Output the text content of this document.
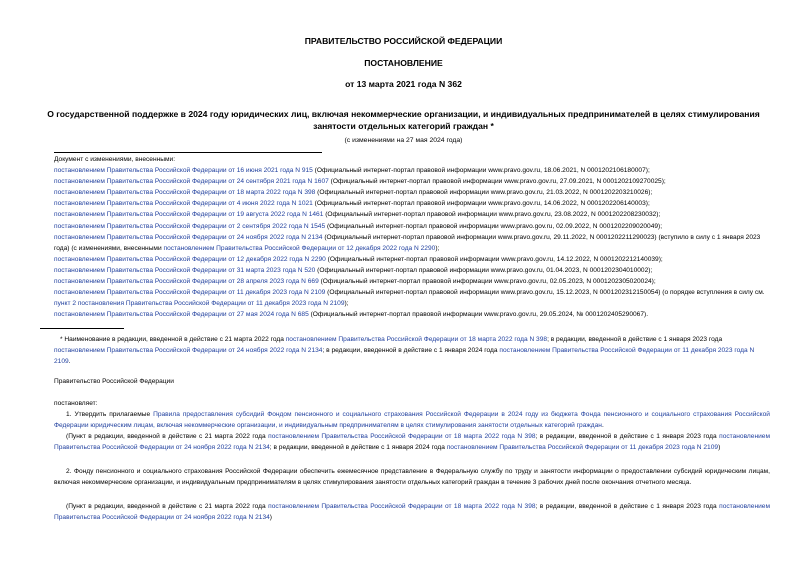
ПРАВИТЕЛЬСТВО РОССИЙСКОЙ ФЕДЕРАЦИИ
ПОСТАНОВЛЕНИЕ
от 13 марта 2021 года N 362
О государственной поддержке в 2024 году юридических лиц, включая некоммерческие организации, и индивидуальных предпринимателей в целях стимулирования занятости отдельных категорий граждан *
(с изменениями на 27 мая 2024 года)

Документ с изменениями, внесенными:

постановлением Правительства Российской Федерации от 16 июня 2021 года N 915 (Официальный интернет-портал правовой информации www.pravo.gov.ru, 18.06.2021, N 0001202106180007);

постановлением Правительства Российской Федерации от 24 сентября 2021 года N 1607 (Официальный интернет-портал правовой информации www.pravo.gov.ru, 27.09.2021, N 0001202109270025);

постановлением Правительства Российской Федерации от 18 марта 2022 года N 398 (Официальный интернет-портал правовой информации www.pravo.gov.ru, 21.03.2022, N 0001202203210026);

постановлением Правительства Российской Федерации от 4 июня 2022 года N 1021 (Официальный интернет-портал правовой информации www.pravo.gov.ru, 14.06.2022, N 0001202206140003);

постановлением Правительства Российской Федерации от 19 августа 2022 года N 1461 (Официальный интернет-портал правовой информации www.pravo.gov.ru, 23.08.2022, N 0001202208230032);

постановлением Правительства Российской Федерации от 2 сентября 2022 года N 1545 (Официальный интернет-портал правовой информации www.pravo.gov.ru, 02.09.2022, N 0001202209020049);

постановлением Правительства Российской Федерации от 24 ноября 2022 года N 2134 (Официальный интернет-портал правовой информации www.pravo.gov.ru, 29.11.2022, N 0001202211290023) (вступило в силу с 1 января 2023 года) (с изменениями, внесенными постановлением Правительства Российской Федерации от 12 декабря 2022 года N 2290);

постановлением Правительства Российской Федерации от 12 декабря 2022 года N 2290 (Официальный интернет-портал правовой информации www.pravo.gov.ru, 14.12.2022, N 0001202212140039);

постановлением Правительства Российской Федерации от 31 марта 2023 года N 520 (Официальный интернет-портал правовой информации www.pravo.gov.ru, 01.04.2023, N 0001202304010002);

постановлением Правительства Российской Федерации от 28 апреля 2023 года N 669 (Официальный интернет-портал правовой информации www.pravo.gov.ru, 02.05.2023, N 0001202305020024);

постановлением Правительства Российской Федерации от 11 декабря 2023 года N 2109 (Официальный интернет-портал правовой информации www.pravo.gov.ru, 15.12.2023, N 0001202312150054) (о порядке вступления в силу см. пункт 2 постановления Правительства Российской Федерации от 11 декабря 2023 года N 2109);

постановлением Правительства Российской Федерации от 27 мая 2024 года N 685 (Официальный интернет-портал правовой информации www.pravo.gov.ru, 29.05.2024, № 0001202405290067).

* Наименование в редакции, введенной в действие с 21 марта 2022 года постановлением Правительства Российской Федерации от 18 марта 2022 года N 398; в редакции, введенной в действие с 1 января 2023 года постановлением Правительства Российской Федерации от 24 ноября 2022 года N 2134; в редакции, введенной в действие с 1 января 2024 года постановлением Правительства Российской Федерации от 11 декабря 2023 года N 2109.

Правительство Российской Федерации
постановляет:

1. Утвердить прилагаемые Правила предоставления субсидий Фондом пенсионного и социального страхования Российской Федерации в 2024 году из бюджета Фонда пенсионного и социального страхования Российской Федерации юридическим лицам, включая некоммерческие организации, и индивидуальным предпринимателям в целях стимулирования занятости отдельных категорий граждан.

(Пункт в редакции, введенной в действие с 21 марта 2022 года постановлением Правительства Российской Федерации от 18 марта 2022 года N 398; в редакции, введенной в действие с 1 января 2023 года постановлением Правительства Российской Федерации от 24 ноября 2022 года N 2134; в редакции, введенной в действие с 1 января 2024 года постановлением Правительства Российской Федерации от 11 декабря 2023 года N 2109)

2. Фонду пенсионного и социального страхования Российской Федерации обеспечить ежемесячное представление в Федеральную службу по труду и занятости информации о предоставлении субсидий юридическим лицам, включая некоммерческие организации, и индивидуальным предпринимателям в целях стимулирования занятости отдельных категорий граждан в течение 3 рабочих дней после окончания отчетного месяца.

(Пункт в редакции, введенной в действие с 21 марта 2022 года постановлением Правительства Российской Федерации от 18 марта 2022 года N 398; в редакции, введенной в действие с 1 января 2023 года постановлением Правительства Российской Федерации от 24 ноября 2022 года N 2134)
